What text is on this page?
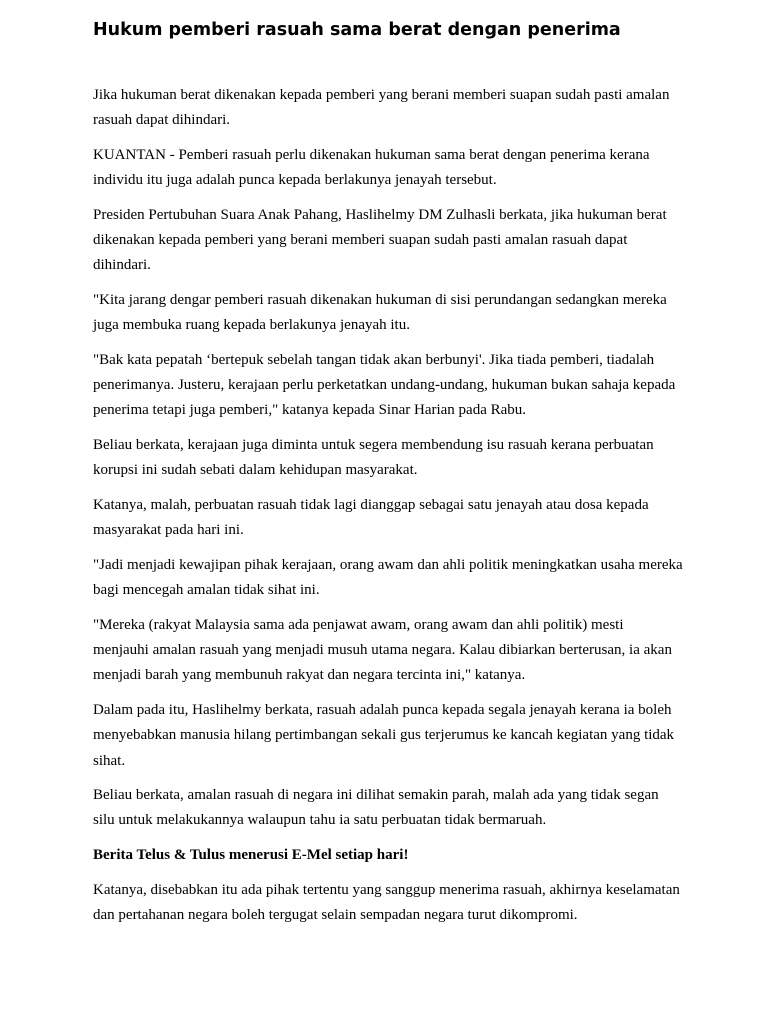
Hukum pemberi rasuah sama berat dengan penerima

Jika hukuman berat dikenakan kepada pemberi yang berani memberi suapan sudah pasti amalan rasuah dapat dihindari.

KUANTAN - Pemberi rasuah perlu dikenakan hukuman sama berat dengan penerima kerana individu itu juga adalah punca kepada berlakunya jenayah tersebut.

Presiden Pertubuhan Suara Anak Pahang, Haslihelmy DM Zulhasli berkata, jika hukuman berat dikenakan kepada pemberi yang berani memberi suapan sudah pasti amalan rasuah dapat dihindari.

"Kita jarang dengar pemberi rasuah dikenakan hukuman di sisi perundangan sedangkan mereka juga membuka ruang kepada berlakunya jenayah itu.

"Bak kata pepatah ‘bertepuk sebelah tangan tidak akan berbunyi'. Jika tiada pemberi, tiadalah penerimanya. Justeru, kerajaan perlu perketatkan undang-undang, hukuman bukan sahaja kepada penerima tetapi juga pemberi," katanya kepada Sinar Harian pada Rabu.

Beliau berkata, kerajaan juga diminta untuk segera membendung isu rasuah kerana perbuatan korupsi ini sudah sebati dalam kehidupan masyarakat.

Katanya, malah, perbuatan rasuah tidak lagi dianggap sebagai satu jenayah atau dosa kepada masyarakat pada hari ini.

"Jadi menjadi kewajipan pihak kerajaan, orang awam dan ahli politik meningkatkan usaha mereka bagi mencegah amalan tidak sihat ini.

"Mereka (rakyat Malaysia sama ada penjawat awam, orang awam dan ahli politik) mesti menjauhi amalan rasuah yang menjadi musuh utama negara. Kalau dibiarkan berterusan, ia akan menjadi barah yang membunuh rakyat dan negara tercinta ini," katanya.

Dalam pada itu, Haslihelmy berkata, rasuah adalah punca kepada segala jenayah kerana ia boleh menyebabkan manusia hilang pertimbangan sekali gus terjerumus ke kancah kegiatan yang tidak sihat.

Beliau berkata, amalan rasuah di negara ini dilihat semakin parah, malah ada yang tidak segan silu untuk melakukannya walaupun tahu ia satu perbuatan tidak bermaruah.

Berita Telus & Tulus menerusi E-Mel setiap hari!

Katanya, disebabkan itu ada pihak tertentu yang sanggup menerima rasuah, akhirnya keselamatan dan pertahanan negara boleh tergugat selain sempadan negara turut dikompromi.
